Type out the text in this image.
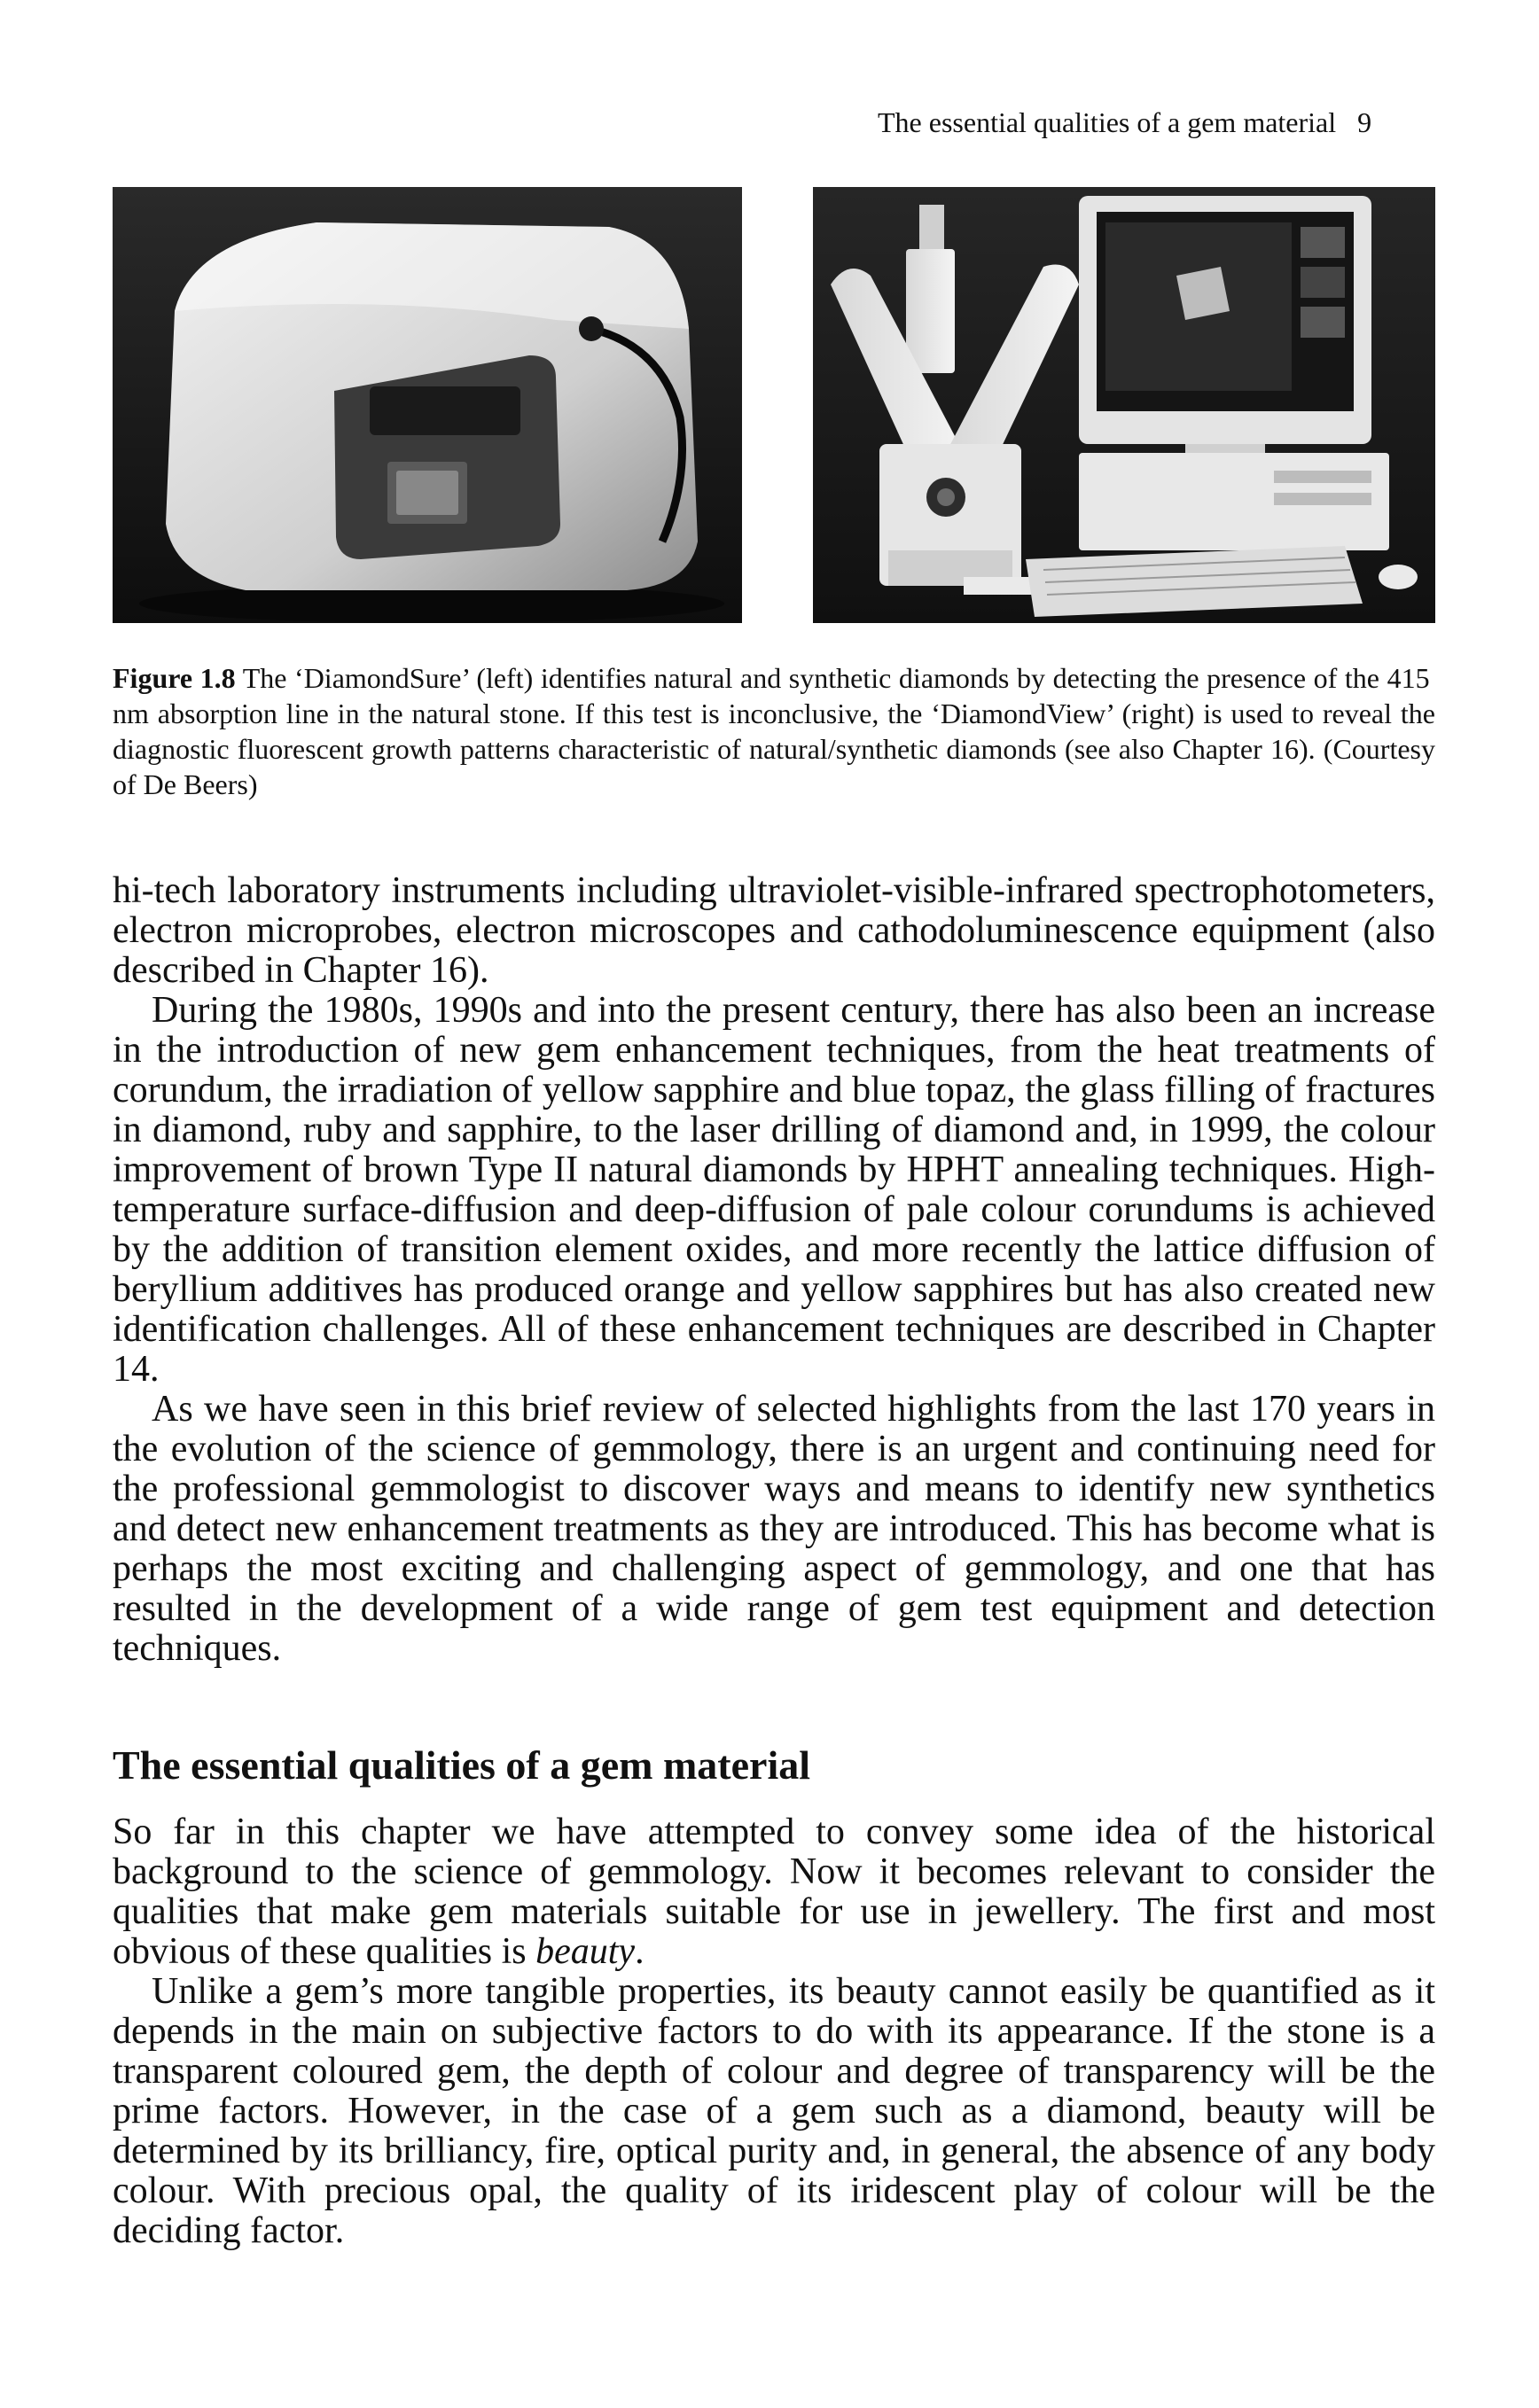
The essential qualities of a gem material 9
Figure 1.8 The ‘DiamondSure’ (left) identifies natural and synthetic diamonds by detecting the presence of the 415 nm absorption line in the natural stone. If this test is inconclusive, the ‘DiamondView’ (right) is used to reveal the diagnostic fluorescent growth patterns characteristic of natural/synthetic diamonds (see also Chapter 16). (Courtesy of De Beers)

hi-tech laboratory instruments including ultraviolet-visible-infrared spectrophotometers, electron microprobes, electron microscopes and cathodoluminescence equipment (also described in Chapter 16).

During the 1980s, 1990s and into the present century, there has also been an increase in the introduction of new gem enhancement techniques, from the heat treatments of corundum, the irradiation of yellow sapphire and blue topaz, the glass filling of fractures in diamond, ruby and sapphire, to the laser drilling of diamond and, in 1999, the colour improvement of brown Type II natural diamonds by HPHT annealing techniques. High-temperature surface-diffusion and deep-diffusion of pale colour corundums is achieved by the addition of transition element oxides, and more recently the lattice diffusion of beryllium additives has produced orange and yellow sapphires but has also created new identification challenges. All of these enhancement techniques are described in Chapter 14.

As we have seen in this brief review of selected highlights from the last 170 years in the evolution of the science of gemmology, there is an urgent and continuing need for the professional gemmologist to discover ways and means to identify new synthetics and detect new enhancement treatments as they are introduced. This has become what is perhaps the most exciting and challenging aspect of gemmology, and one that has resulted in the development of a wide range of gem test equipment and detection techniques.

The essential qualities of a gem material

So far in this chapter we have attempted to convey some idea of the historical background to the science of gemmology. Now it becomes relevant to consider the qualities that make gem materials suitable for use in jewellery. The first and most obvious of these qualities is beauty.

Unlike a gem’s more tangible properties, its beauty cannot easily be quantified as it depends in the main on subjective factors to do with its appearance. If the stone is a transparent coloured gem, the depth of colour and degree of transparency will be the prime factors. However, in the case of a gem such as a diamond, beauty will be determined by its brilliancy, fire, optical purity and, in general, the absence of any body colour. With precious opal, the quality of its iridescent play of colour will be the deciding factor.
